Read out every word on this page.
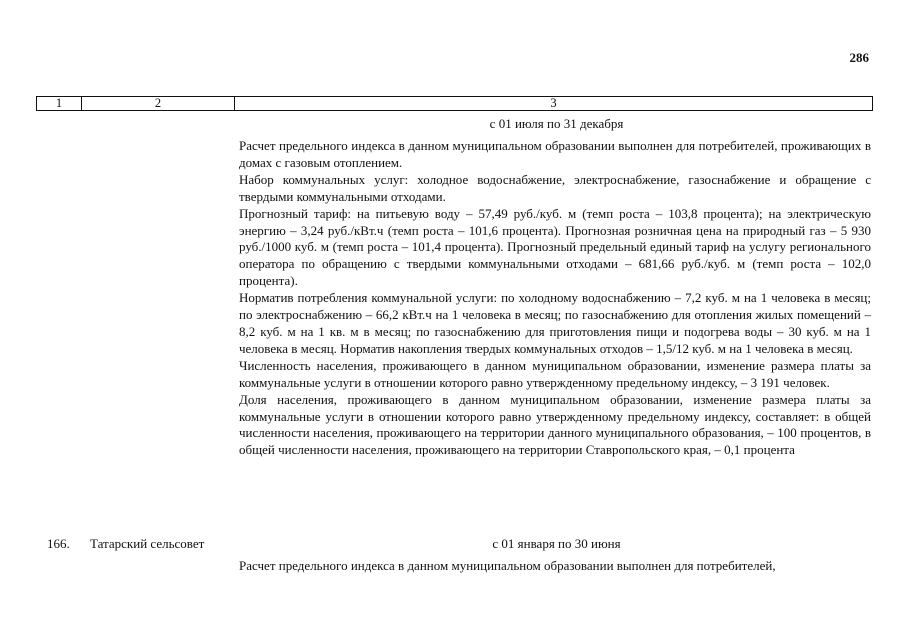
286
1	2	3
с 01 июля по 31 декабря

Расчет предельного индекса в данном муниципальном образовании выполнен для потребителей, проживающих в домах с газовым отоплением.

Набор коммунальных услуг: холодное водоснабжение, электроснабжение, газоснабжение и обращение с твердыми коммунальными отходами.

Прогнозный тариф: на питьевую воду – 57,49 руб./куб. м (темп роста – 103,8 процента); на электрическую энергию – 3,24 руб./кВт.ч (темп роста – 101,6 процента). Прогнозная розничная цена на природный газ – 5 930 руб./1000 куб. м (темп роста – 101,4 процента). Прогнозный предельный единый тариф на услугу регионального оператора по обращению с твердыми коммунальными отходами – 681,66 руб./куб. м (темп роста – 102,0 процента).

Норматив потребления коммунальной услуги: по холодному водоснабжению – 7,2 куб. м на 1 человека в месяц; по электроснабжению – 66,2 кВт.ч на 1 человека в месяц; по газоснабжению для отопления жилых помещений – 8,2 куб. м на 1 кв. м в месяц; по газоснабжению для приготовления пищи и подогрева воды – 30 куб. м на 1 человека в месяц. Норматив накопления твердых коммунальных отходов – 1,5/12 куб. м на 1 человека в месяц.

Численность населения, проживающего в данном муниципальном образовании, изменение размера платы за коммунальные услуги в отношении которого равно утвержденному предельному индексу, – 3 191 человек.

Доля населения, проживающего в данном муниципальном образовании, изменение размера платы за коммунальные услуги в отношении которого равно утвержденному предельному индексу, составляет: в общей численности населения, проживающего на территории данного муниципального образования, – 100 процентов, в общей численности населения, проживающего на территории Ставропольского края, – 0,1 процента

166. Татарский сельсовет	с 01 января по 30 июня

Расчет предельного индекса в данном муниципальном образовании выполнен для потребителей,
